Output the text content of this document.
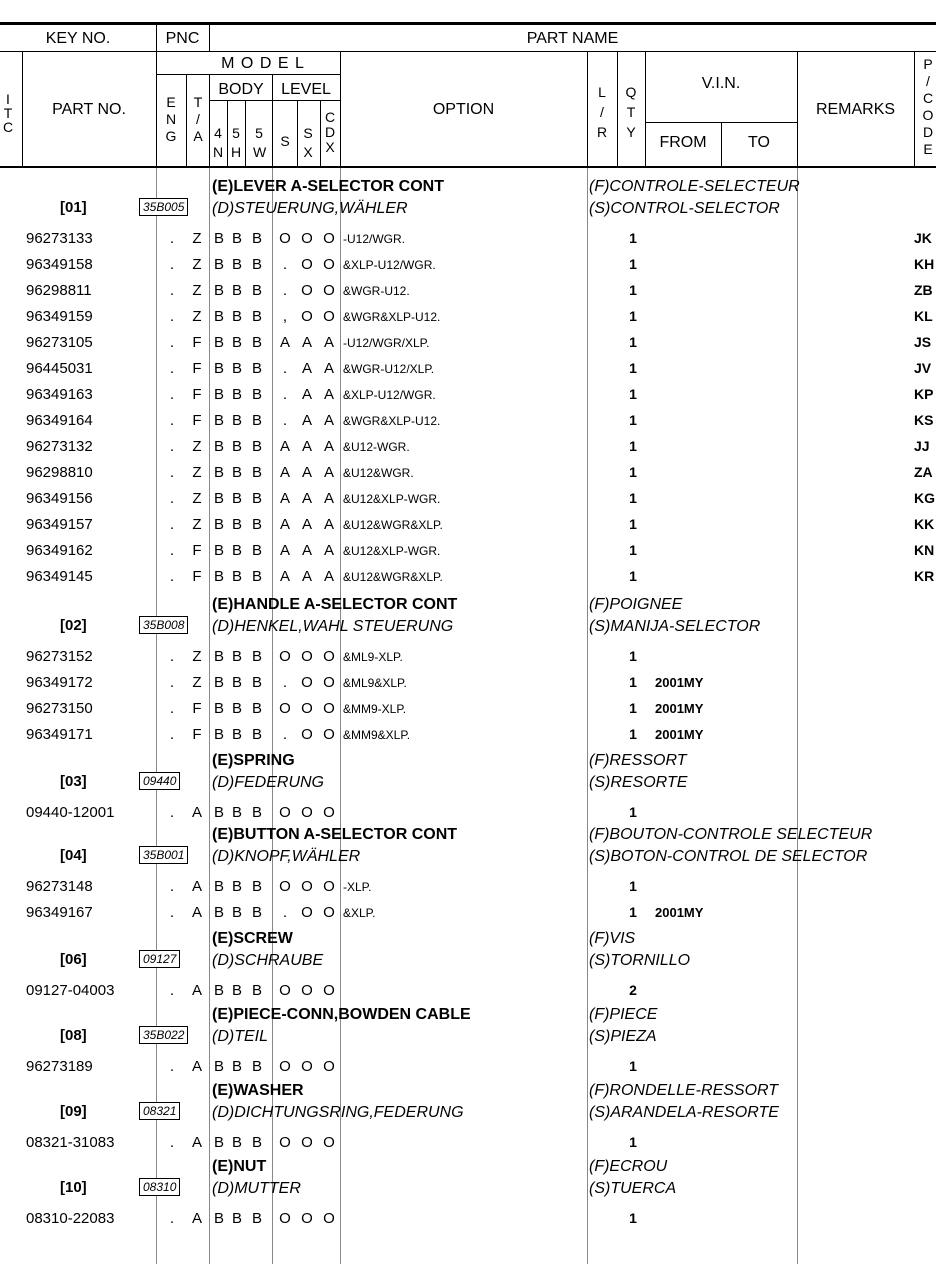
KEY NO.	PNC	PART NAME
I
T
C
PART NO.
M O D E L
BODY	LEVEL
E
N
G
T
/
A 4
N
5
H
5
W
S S
X
C
D
X
OPTION
L
/
R
Q
T
Y
V.I.N.
FROM	TO
REMARKS
P
/
C
O
D
E
[01]	35B005
(E)LEVER A-SELECTOR CONT
(D)STEUERUNG,WÄHLER
(F)CONTROLE-SELECTEUR
(S)CONTROL-SELECTOR
96273133	.	Z B B B O O O -U12/WGR.	1	JK
96349158	.	Z B B B	. O O &XLP-U12/WGR.	1	KH
96298811	.	Z B B B	. O O &WGR-U12.	1	ZB
96349159	.	Z B B B	, O O &WGR&XLP-U12.	1	KL
96273105	.	F B B B A A A -U12/WGR/XLP.	1	JS
96445031	.	F B B B	. A A &WGR-U12/XLP.	1	JV
96349163	.	F B B B	. A A &XLP-U12/WGR.	1	KP
96349164	.	F B B B	. A A &WGR&XLP-U12.	1	KS
96273132	.	Z B B B A A A &U12-WGR.	1	JJ
96298810	.	Z B B B A A A &U12&WGR.	1	ZA
96349156	.	Z B B B A A A &U12&XLP-WGR.	1	KG
96349157	.	Z B B B A A A &U12&WGR&XLP.	1	KK
96349162	.	F B B B A A A &U12&XLP-WGR.	1	KN
96349145	.	F B B B A A A &U12&WGR&XLP.	1	KR
[02]	35B008
(E)HANDLE A-SELECTOR CONT
(D)HENKEL,WAHL STEUERUNG
(F)POIGNEE
(S)MANIJA-SELECTOR
96273152	.	Z B B B O O O &ML9-XLP.	1
96349172	.	Z B B B	. O O &ML9&XLP.	1 2001MY
96273150	.	F B B B O O O &MM9-XLP.	1 2001MY
96349171	.	F B B B	. O O &MM9&XLP.	1 2001MY
[03]	09440
(E)SPRING
(D)FEDERUNG
(F)RESSORT
(S)RESORTE
09440-12001	.	A B B B O O O	1
[04]	35B001
(E)BUTTON A-SELECTOR CONT
(D)KNOPF,WÄHLER
(F)BOUTON-CONTROLE SELECTEUR
(S)BOTON-CONTROL DE SELECTOR
96273148	.	A B B B O O O -XLP.	1
96349167	.	A B B B	. O O &XLP.	1 2001MY
[06]	09127
(E)SCREW
(D)SCHRAUBE
(F)VIS
(S)TORNILLO
09127-04003	.	A B B B O O O	2
[08]	35B022
(E)PIECE-CONN,BOWDEN CABLE
(D)TEIL
(F)PIECE
(S)PIEZA
96273189	.	A B B B O O O	1
[09]	08321
(E)WASHER
(D)DICHTUNGSRING,FEDERUNG
(F)RONDELLE-RESSORT
(S)ARANDELA-RESORTE
08321-31083	.	A B B B O O O	1
[10]	08310
(E)NUT
(D)MUTTER
(F)ECROU
(S)TUERCA
08310-22083	.	A B B B O O O	1
